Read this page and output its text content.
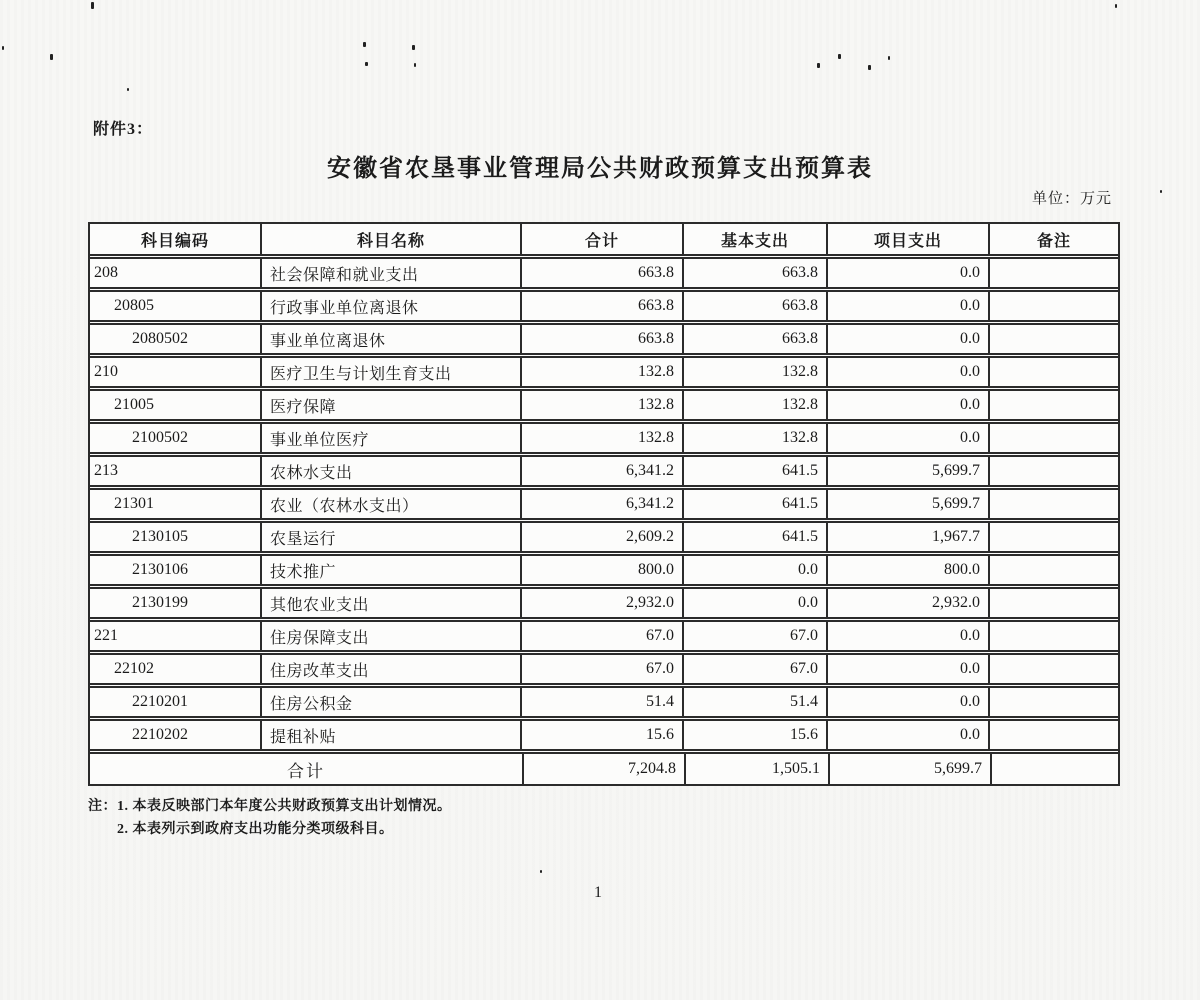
附件3：
安徽省农垦事业管理局公共财政预算支出预算表
单位：万元
科目编码	科目名称	合计	基本支出	项目支出	备注
208	社会保障和就业支出	663.8	663.8	0.0
20805	行政事业单位离退休	663.8	663.8	0.0
2080502	事业单位离退休	663.8	663.8	0.0
210	医疗卫生与计划生育支出	132.8	132.8	0.0
21005	医疗保障	132.8	132.8	0.0
2100502	事业单位医疗	132.8	132.8	0.0
213	农林水支出	6,341.2	641.5	5,699.7
21301	农业（农林水支出）	6,341.2	641.5	5,699.7
2130105	农垦运行	2,609.2	641.5	1,967.7
2130106	技术推广	800.0	0.0	800.0
2130199	其他农业支出	2,932.0	0.0	2,932.0
221	住房保障支出	67.0	67.0	0.0
22102	住房改革支出	67.0	67.0	0.0
2210201	住房公积金	51.4	51.4	0.0
2210202	提租补贴	15.6	15.6	0.0
合计	7,204.8	1,505.1	5,699.7
注：1. 本表反映部门本年度公共财政预算支出计划情况。
2. 本表列示到政府支出功能分类项级科目。
1
